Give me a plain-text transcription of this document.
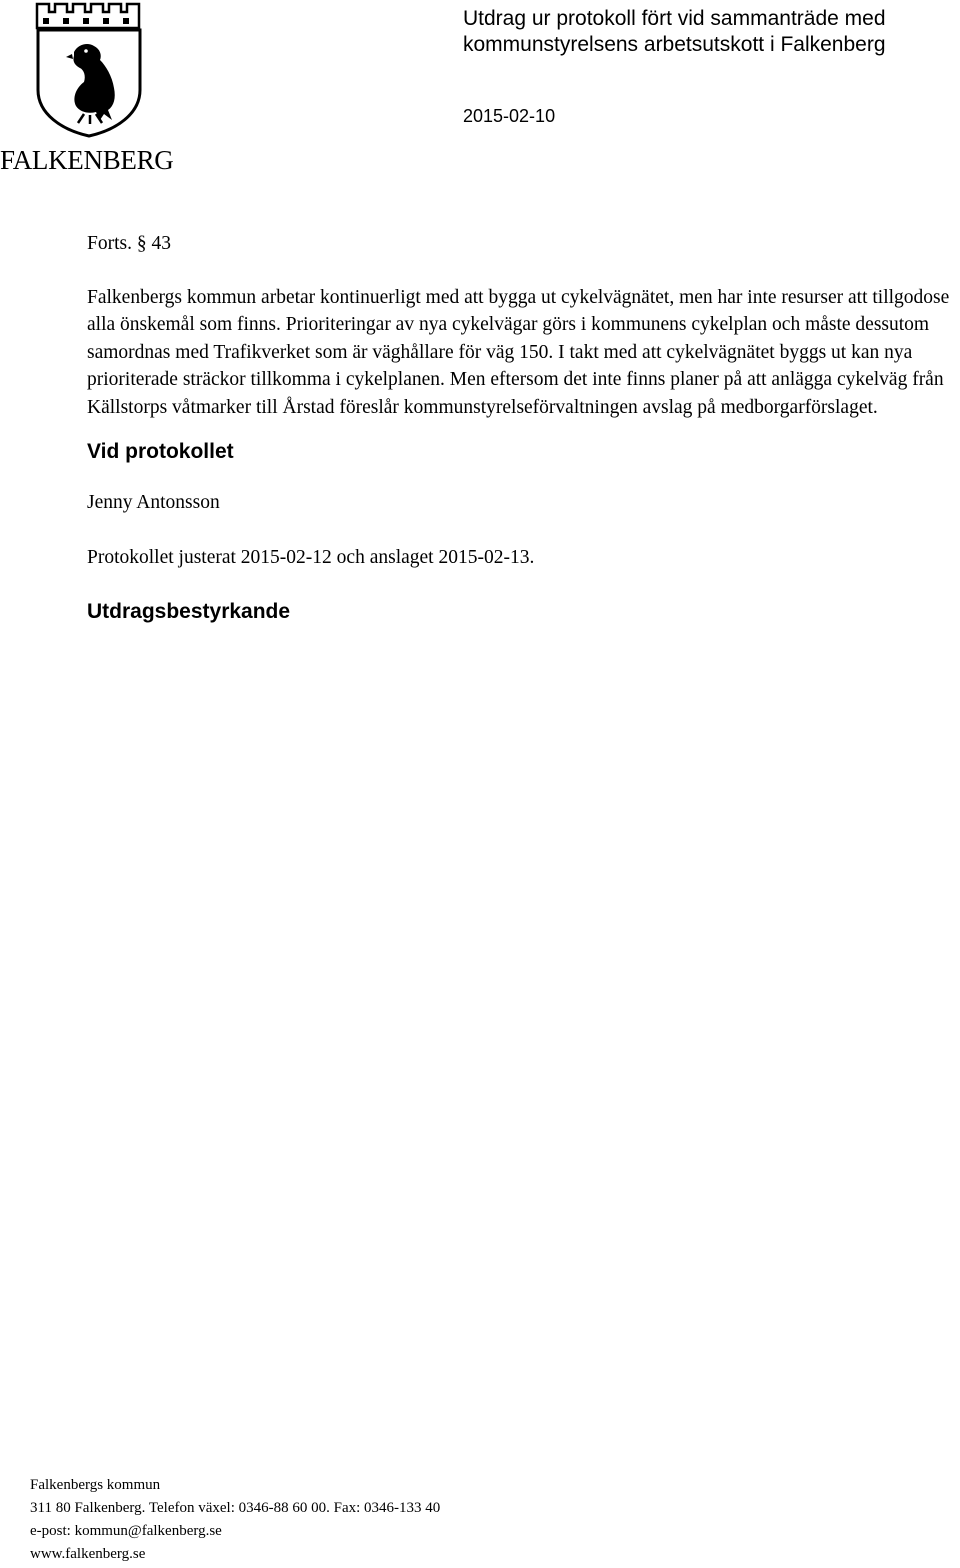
FALKENBERG
Utdrag ur protokoll fört vid sammanträde med
kommunstyrelsens arbetsutskott i Falkenberg
2015-02-10

Forts. § 43

Falkenbergs kommun arbetar kontinuerligt med att bygga ut cykelvägnätet, men har inte resurser att tillgodose alla önskemål som finns. Prioriteringar av nya cykelvägar görs i kommunens cykelplan och måste dessutom samordnas med Trafikverket som är väghållare för väg 150. I takt med att cykelvägnätet byggs ut kan nya prioriterade sträckor tillkomma i cykelplanen. Men eftersom det inte finns planer på att anlägga cykelväg från Källstorps våtmarker till Årstad föreslår kommunstyrelseförvaltningen avslag på medborgarförslaget.

Vid protokollet

Jenny Antonsson

Protokollet justerat 2015-02-12 och anslaget 2015-02-13.

Utdragsbestyrkande

Falkenbergs kommun
311 80 Falkenberg. Telefon växel: 0346-88 60 00. Fax: 0346-133 40
e-post: kommun@falkenberg.se
www.falkenberg.se
